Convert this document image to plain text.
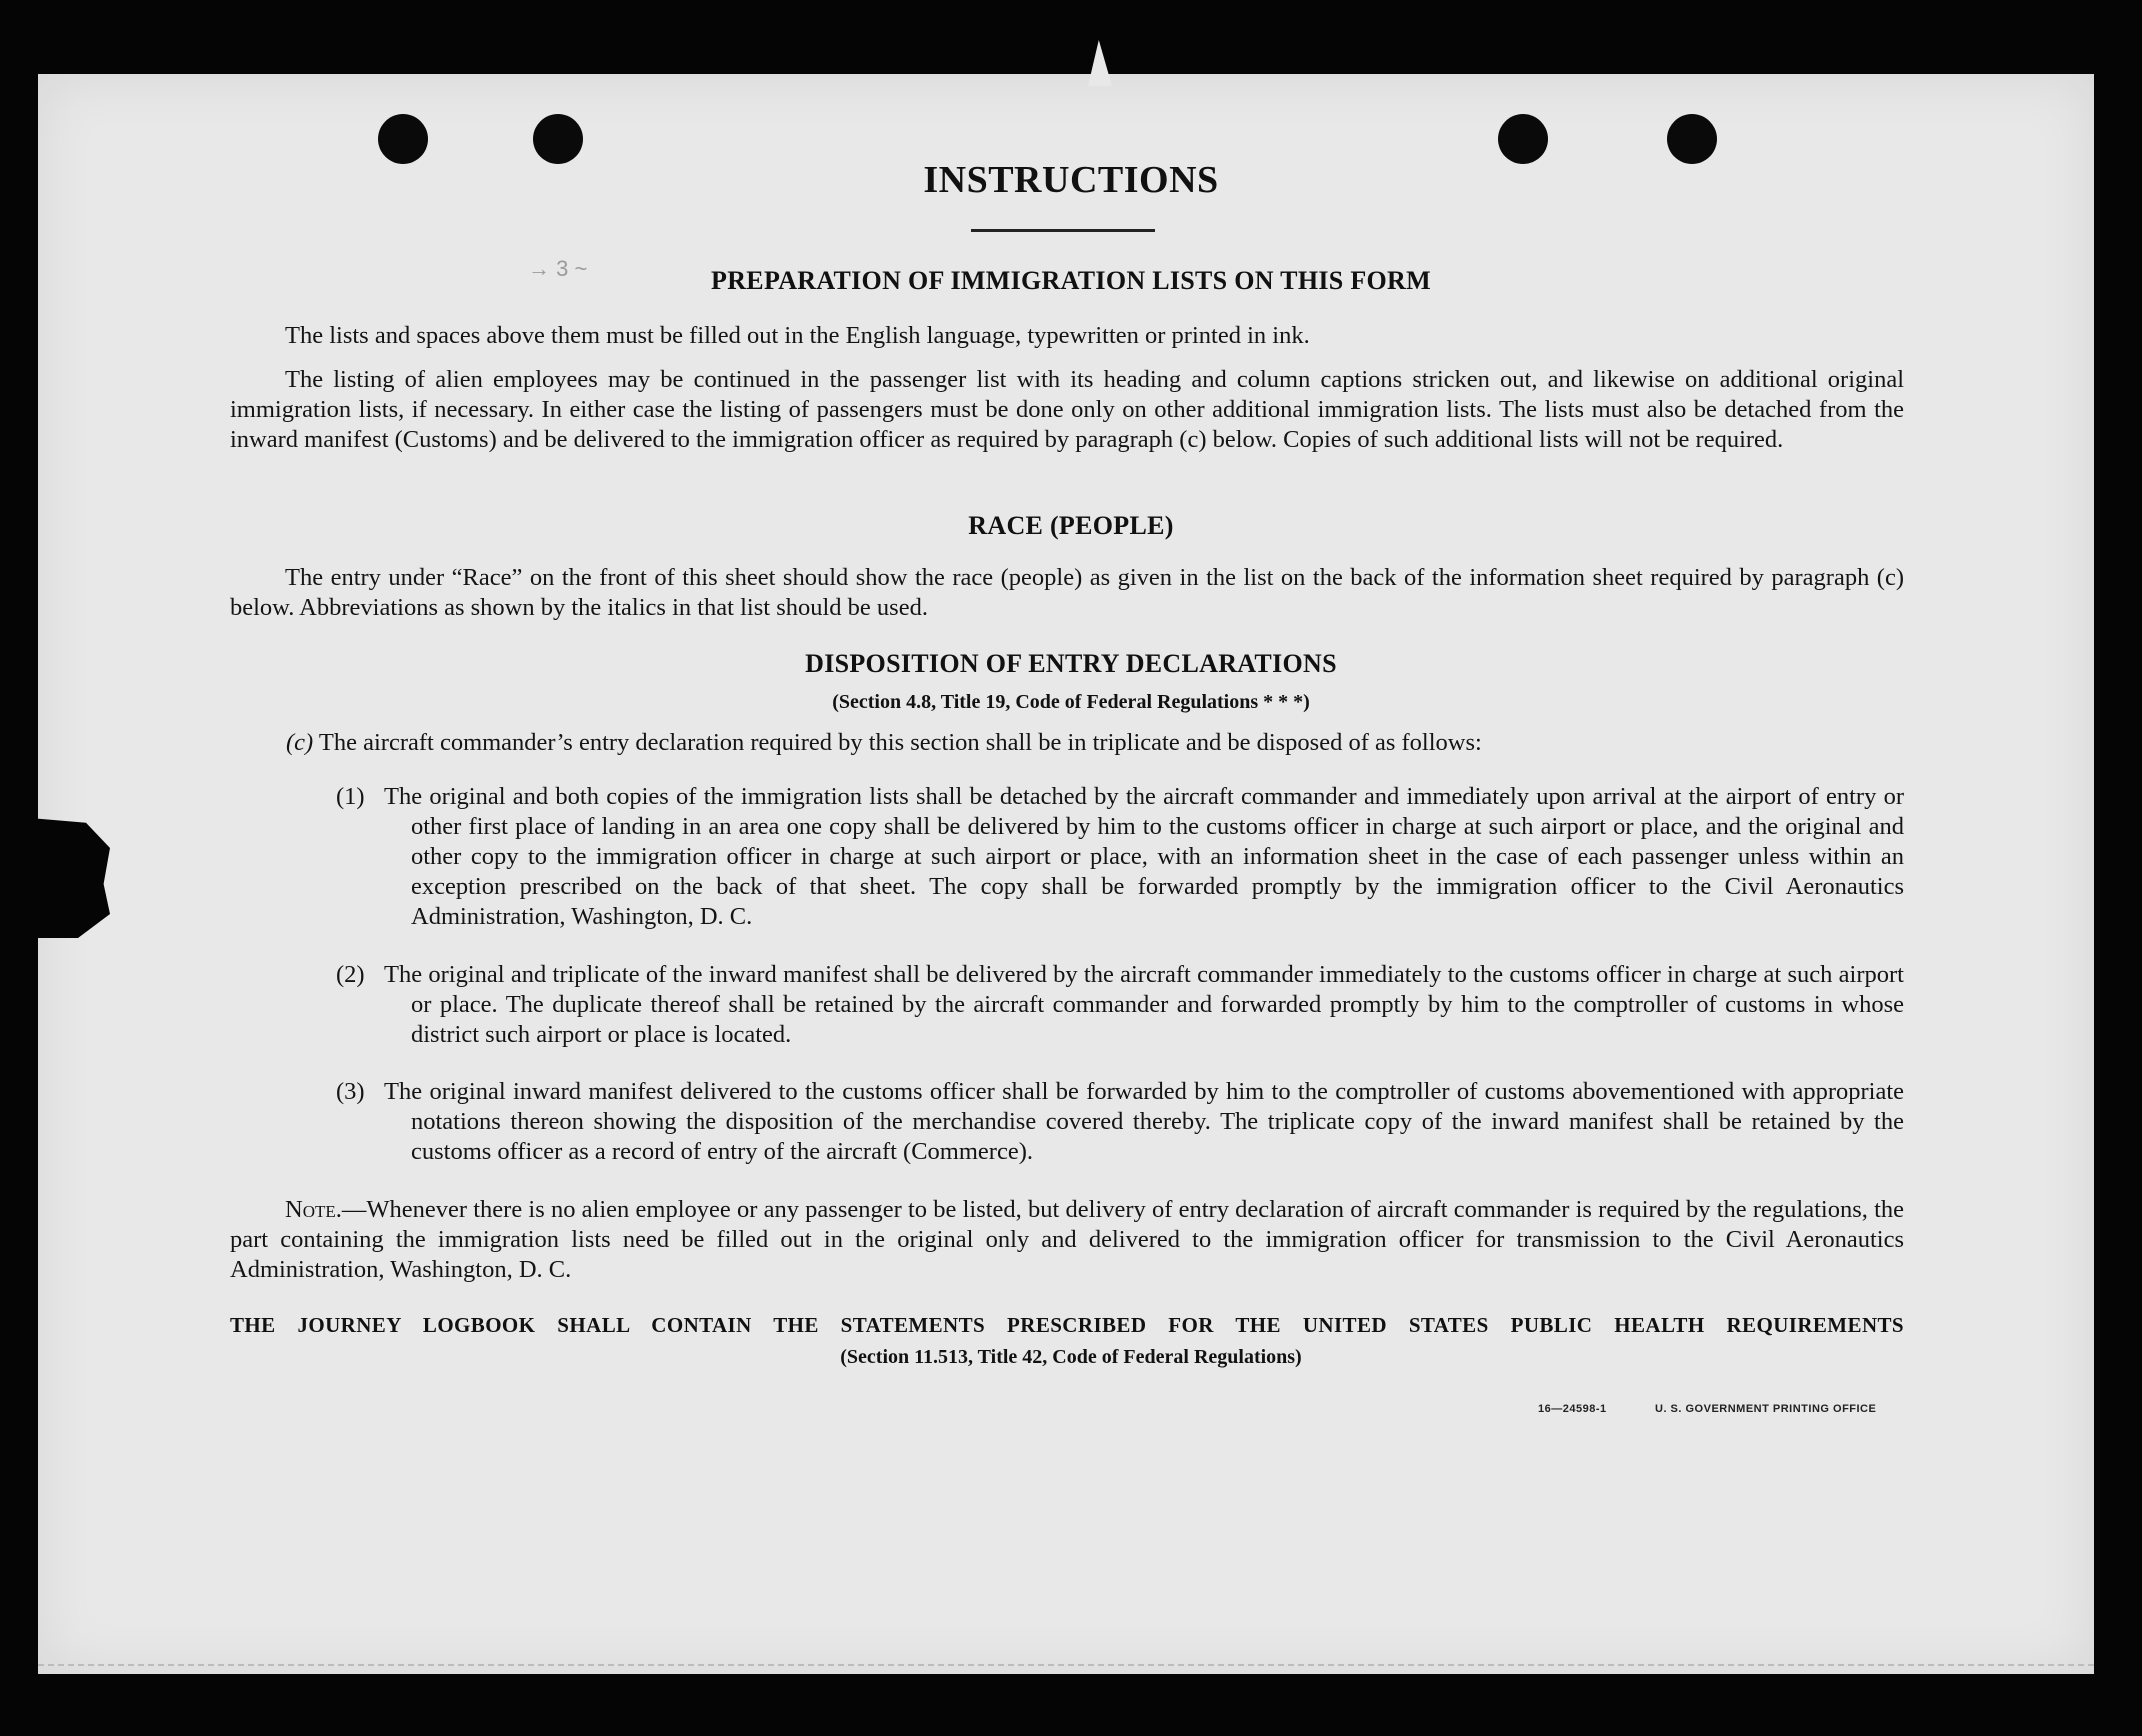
→ 3 ~
INSTRUCTIONS
PREPARATION OF IMMIGRATION LISTS ON THIS FORM
The lists and spaces above them must be filled out in the English language, typewritten or printed in ink.
The listing of alien employees may be continued in the passenger list with its heading and column captions stricken out, and likewise on additional original immigration lists, if necessary. In either case the listing of passengers must be done only on other additional immigration lists. The lists must also be detached from the inward manifest (Customs) and be delivered to the immigration officer as required by paragraph (c) below. Copies of such additional lists will not be required.
RACE (PEOPLE)
The entry under “Race” on the front of this sheet should show the race (people) as given in the list on the back of the information sheet required by paragraph (c) below. Abbreviations as shown by the italics in that list should be used.
DISPOSITION OF ENTRY DECLARATIONS
(Section 4.8, Title 19, Code of Federal Regulations * * *)
(c) The aircraft commander’s entry declaration required by this section shall be in triplicate and be disposed of as follows:
(1) The original and both copies of the immigration lists shall be detached by the aircraft commander and immediately upon arrival at the airport of entry or other first place of landing in an area one copy shall be delivered by him to the customs officer in charge at such airport or place, and the original and other copy to the immigration officer in charge at such airport or place, with an information sheet in the case of each passenger unless within an exception prescribed on the back of that sheet. The copy shall be forwarded promptly by the immigration officer to the Civil Aeronautics Administration, Washington, D. C.
(2) The original and triplicate of the inward manifest shall be delivered by the aircraft commander immediately to the customs officer in charge at such airport or place. The duplicate thereof shall be retained by the aircraft commander and forwarded promptly by him to the comptroller of customs in whose district such airport or place is located.
(3) The original inward manifest delivered to the customs officer shall be forwarded by him to the comptroller of customs abovementioned with appropriate notations thereon showing the disposition of the merchandise covered thereby. The triplicate copy of the inward manifest shall be retained by the customs officer as a record of entry of the aircraft (Commerce).
Note.—Whenever there is no alien employee or any passenger to be listed, but delivery of entry declaration of aircraft commander is required by the regulations, the part containing the immigration lists need be filled out in the original only and delivered to the immigration officer for transmission to the Civil Aeronautics Administration, Washington, D. C.
THE JOURNEY LOGBOOK SHALL CONTAIN THE STATEMENTS PRESCRIBED FOR THE UNITED STATES PUBLIC HEALTH REQUIREMENTS
(Section 11.513, Title 42, Code of Federal Regulations)
16—24598-1	U. S. GOVERNMENT PRINTING OFFICE
